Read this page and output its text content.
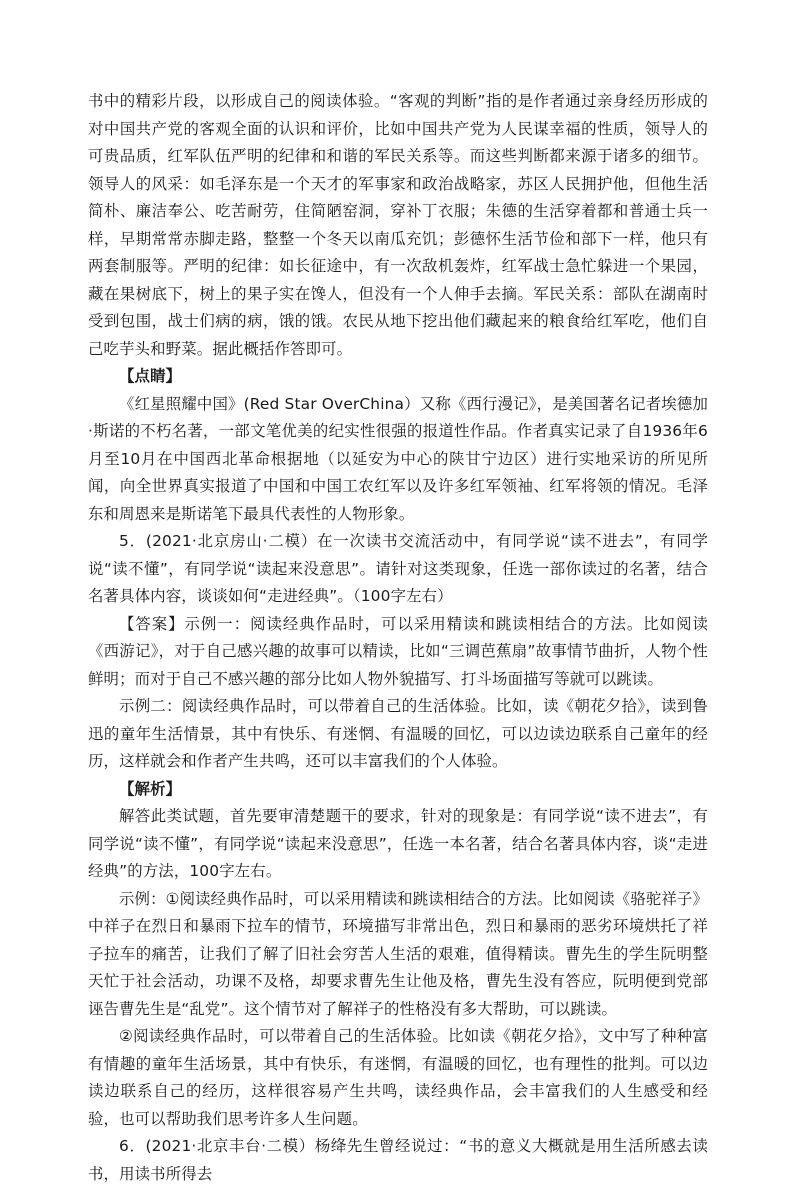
书中的精彩片段，以形成自己的阅读体验。“客观的判断”指的是作者通过亲身经历形成的对中国共产党的客观全面的认识和评价，比如中国共产党为人民谋幸福的性质，领导人的可贵品质，红军队伍严明的纪律和和谐的军民关系等。而这些判断都来源于诸多的细节。领导人的风采：如毛泽东是一个天才的军事家和政治战略家，苏区人民拥护他，但他生活简朴、廉洁奉公、吃苦耐劳，住简陋窑洞，穿补丁衣服；朱德的生活穿着都和普通士兵一样，早期常常赤脚走路，整整一个冬天以南瓜充饥；彭德怀生活节俭和部下一样，他只有两套制服等。严明的纪律：如长征途中，有一次敌机轰炸，红军战士急忙躲进一个果园，藏在果树底下，树上的果子实在馋人，但没有一个人伸手去摘。军民关系：部队在湖南时受到包围，战士们病的病，饿的饿。农民从地下挖出他们藏起来的粮食给红军吃，他们自己吃芋头和野菜。据此概括作答即可。

【点睛】

《红星照耀中国》(Red Star OverChina）又称《西行漫记》，是美国著名记者埃德加·斯诺的不朽名著，一部文笔优美的纪实性很强的报道性作品。作者真实记录了自1936年6月至10月在中国西北革命根据地（以延安为中心的陕甘宁边区）进行实地采访的所见所闻，向全世界真实报道了中国和中国工农红军以及许多红军领袖、红军将领的情况。毛泽东和周恩来是斯诺笔下最具代表性的人物形象。

5．(2021·北京房山·二模）在一次读书交流活动中，有同学说“读不进去”，有同学说“读不懂”，有同学说“读起来没意思”。请针对这类现象，任选一部你读过的名著，结合名著具体内容，谈谈如何“走进经典”。（100字左右）

【答案】示例一：阅读经典作品时，可以采用精读和跳读相结合的方法。比如阅读《西游记》，对于自己感兴趣的故事可以精读，比如“三调芭蕉扇”故事情节曲折，人物个性鲜明；而对于自己不感兴趣的部分比如人物外貌描写、打斗场面描写等就可以跳读。

示例二：阅读经典作品时，可以带着自己的生活体验。比如，读《朝花夕拾》，读到鲁迅的童年生活情景，其中有快乐、有迷惘、有温暖的回忆，可以边读边联系自己童年的经历，这样就会和作者产生共鸣，还可以丰富我们的个人体验。

【解析】

解答此类试题，首先要审清楚题干的要求，针对的现象是：有同学说“读不进去”，有同学说“读不懂”，有同学说“读起来没意思”，任选一本名著，结合名著具体内容，谈“走进经典”的方法，100字左右。

示例：①阅读经典作品时，可以采用精读和跳读相结合的方法。比如阅读《骆驼祥子》中祥子在烈日和暴雨下拉车的情节，环境描写非常出色，烈日和暴雨的恶劣环境烘托了祥子拉车的痛苦，让我们了解了旧社会穷苦人生活的艰难，值得精读。曹先生的学生阮明整天忙于社会活动，功课不及格，却要求曹先生让他及格，曹先生没有答应，阮明便到党部诬告曹先生是“乱党”。这个情节对了解祥子的性格没有多大帮助，可以跳读。

②阅读经典作品时，可以带着自己的生活体验。比如读《朝花夕拾》，文中写了种种富有情趣的童年生活场景，其中有快乐，有迷惘，有温暖的回忆，也有理性的批判。可以边读边联系自己的经历，这样很容易产生共鸣，读经典作品，会丰富我们的人生感受和经验，也可以帮助我们思考许多人生问题。

6．(2021·北京丰台·二模）杨绛先生曾经说过：“书的意义大概就是用生活所感去读书，用读书所得去
